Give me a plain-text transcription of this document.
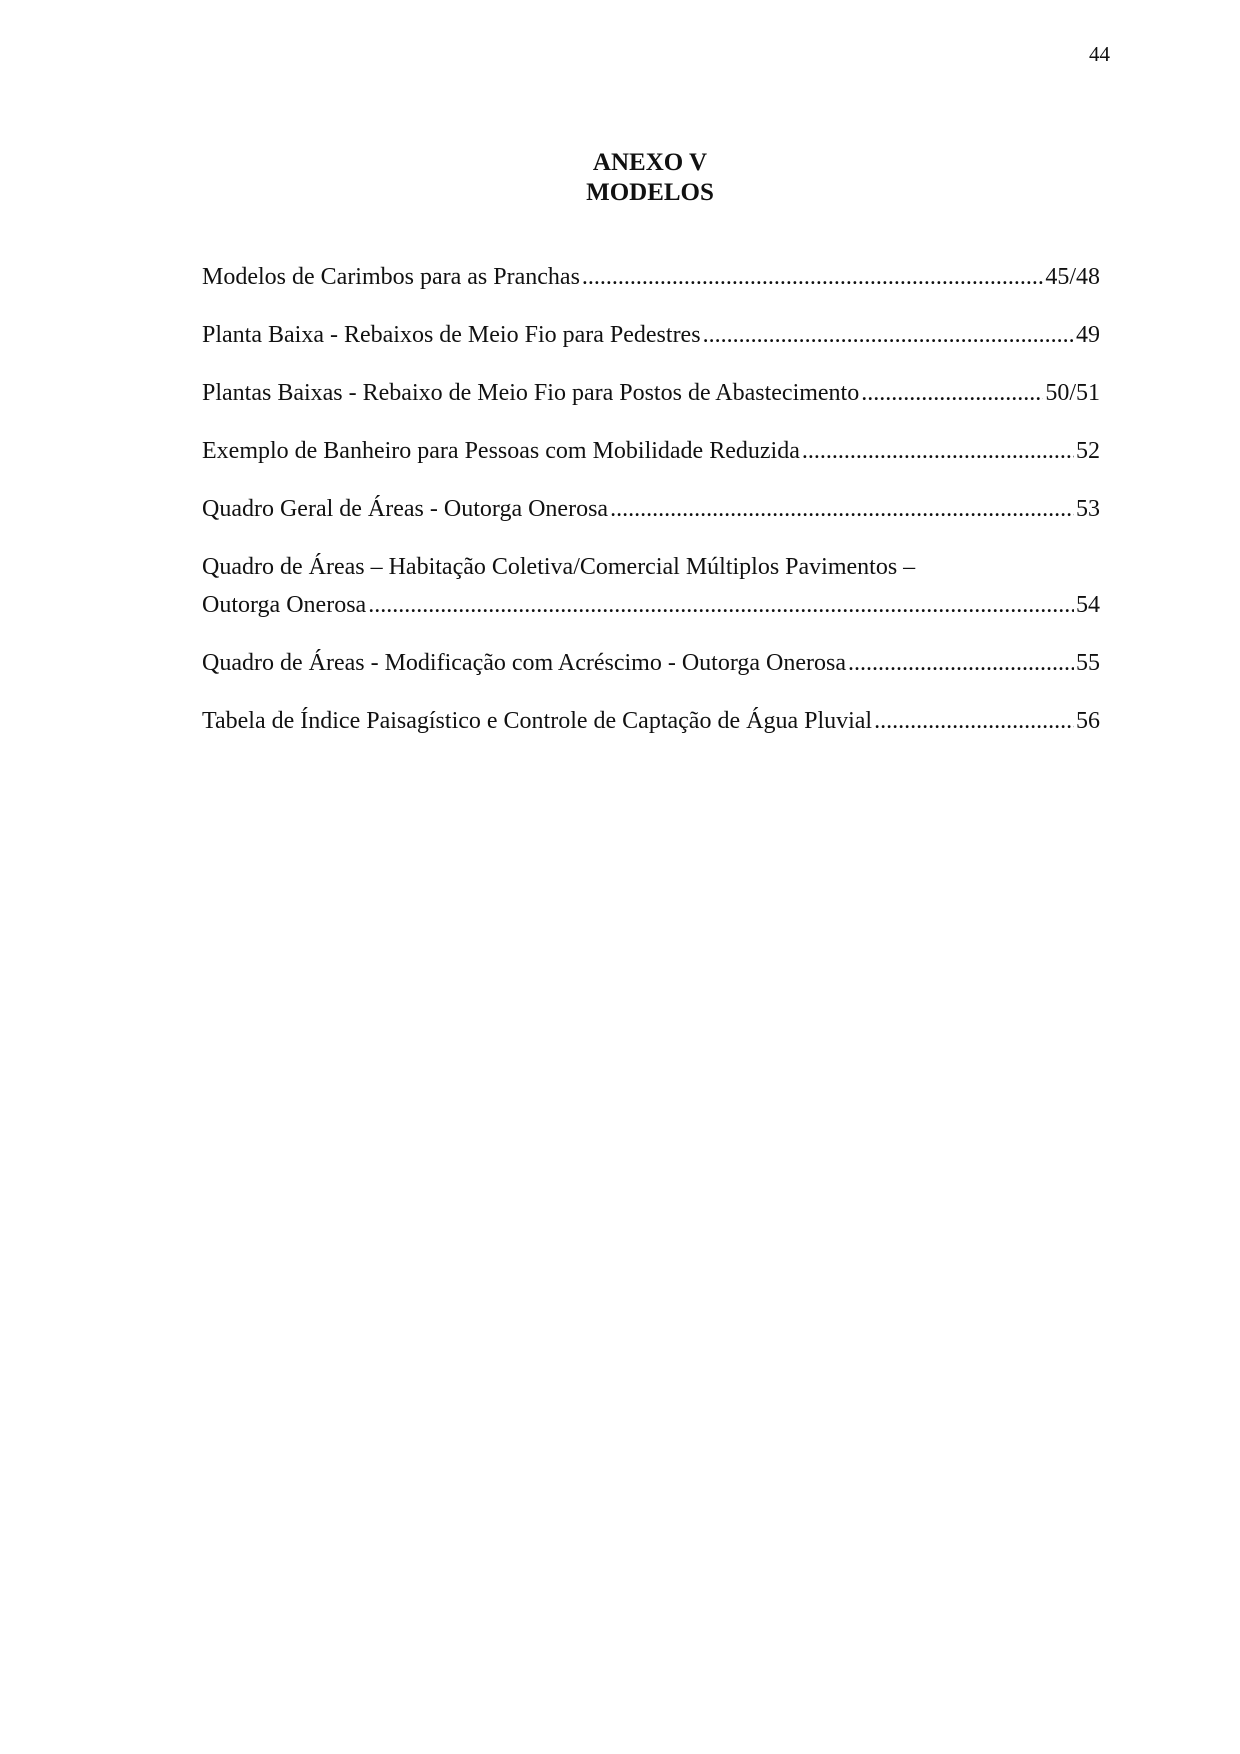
44
ANEXO V
MODELOS
Modelos de Carimbos para as Pranchas .....	45/48
Planta Baixa - Rebaixos de Meio Fio para Pedestres .....	49
Plantas Baixas - Rebaixo de Meio Fio para Postos de Abastecimento .....	50/51
Exemplo de Banheiro para Pessoas com Mobilidade Reduzida .....	52
Quadro Geral de Áreas - Outorga Onerosa .....	53
Quadro de Áreas – Habitação Coletiva/Comercial Múltiplos Pavimentos –
Outorga Onerosa .....	54
Quadro de Áreas - Modificação com Acréscimo - Outorga Onerosa .....	55
Tabela de Índice Paisagístico e Controle de Captação de Água Pluvial .....	56
